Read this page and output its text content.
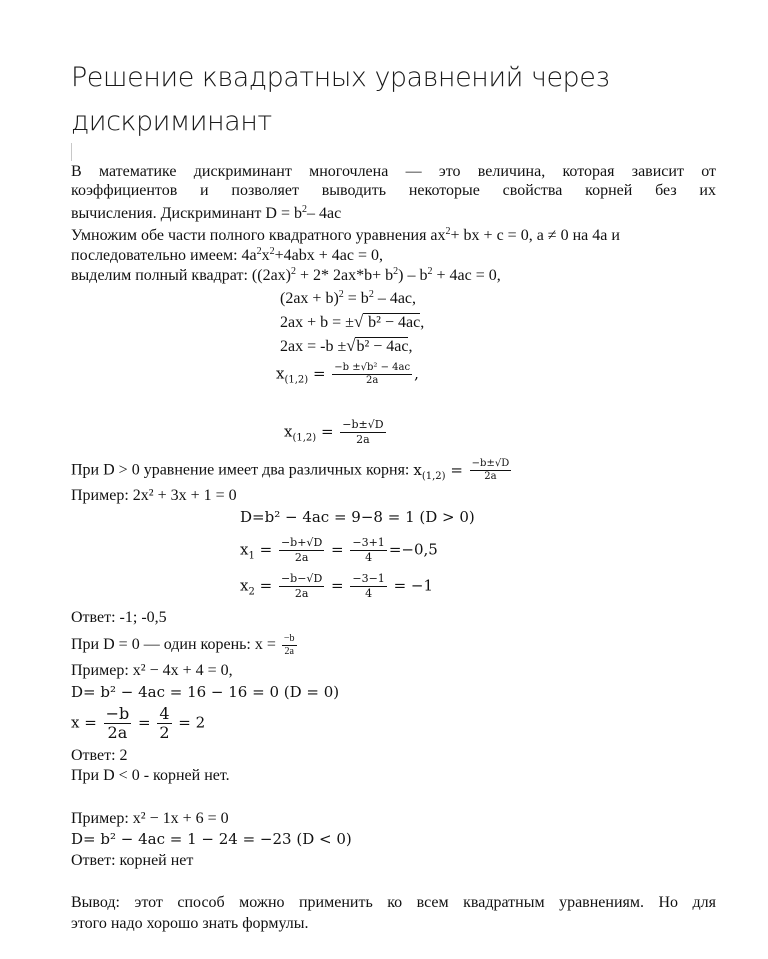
Решение квадратных уравнений через дискриминант
В математике дискриминант многочлена — это величина, которая зависит от
коэффициентов и позволяет выводить некоторые свойства корней без их
вычисления. Дискриминант $D = b^2-$ 4ac
Умножим обе части полного квадратного уравнения $ax^2+$ bx + c = 0, a ≠ 0 на 4a и
последовательно имеем: $4a^2x^2+4abx + 4ac = 0$,
выделим полный квадрат: ($(2ax)^2 + 2*$ $2ax*b+ b^2) - b^2 + 4ac = 0$,
$(2ax + b)^2 = b^2 - 4ac$,
2ax + b = ±√ b² − 4ac,
2ax = -b ±√b² − 4ac,
$x_{(1,2)} = \frac{\text{−b ±√b² − 4ac}}{2a}$ ,
$x_{(1,2)} = \frac{-b\pm√D}{2a}$
При D > 0 уравнение имеет два различных корня: $x_{(1,2)} = \frac{-b\pm√D}{2a}$
Пример: 2x² + 3x + 1 = 0
D=b² − 4ac = 9−8 = 1 (D > 0)
$x_1 = \frac{-b+√D}{2a} = \frac{-3+1}{4} =-0,5$
$x_2 = \frac{-b-√D}{2a} = \frac{-3-1}{4} = -1$
Ответ: -1; -0,5
При D = 0 — один корень: $x = \frac{-b}{2a}$
Пример: x² − 4x + 4 = 0,
D= b² − 4ac = 16 − 16 = 0 (D = 0)
$x = \frac{-b}{2a} = \frac{4}{2} = 2$
Ответ: 2
При D < 0 - корней нет.
Пример: x² − 1x + 6 = 0
D= b² − 4ac = 1 − 24 = −23 (D < 0)
Ответ: корней нет
Вывод: этот способ можно применить ко всем квадратным уравнениям. Но для
этого надо хорошо знать формулы.
